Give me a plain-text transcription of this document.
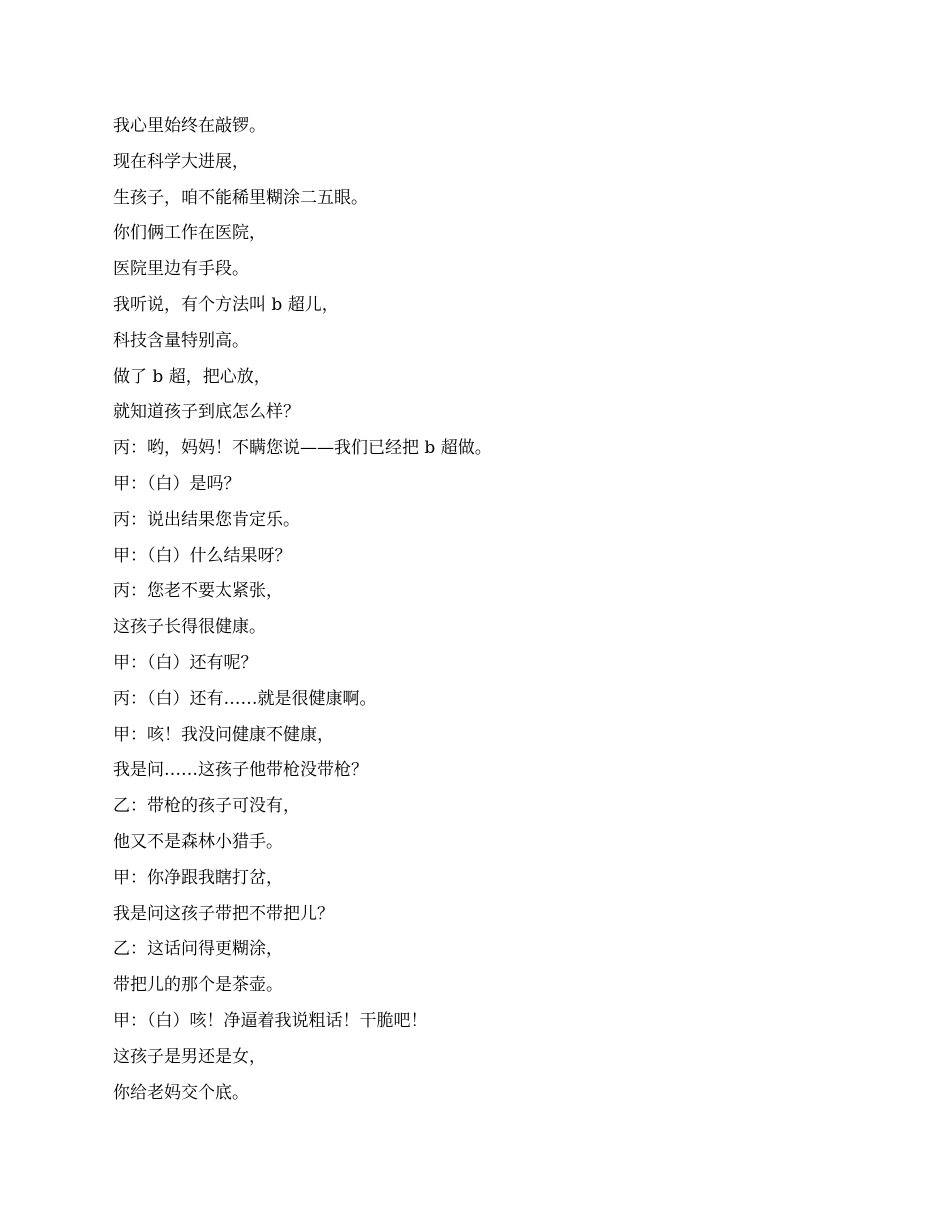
我心里始终在敲锣。

现在科学大进展，

生孩子，咱不能稀里糊涂二五眼。

你们俩工作在医院，

医院里边有手段。

我听说，有个方法叫 b 超儿，

科技含量特别高。

做了 b 超，把心放，

就知道孩子到底怎么样？

丙：哟，妈妈！不瞒您说——我们已经把 b 超做。

甲：（白）是吗？

丙：说出结果您肯定乐。

甲：（白）什么结果呀？

丙：您老不要太紧张，

这孩子长得很健康。

甲：（白）还有呢？

丙：（白）还有……就是很健康啊。

甲：咳！我没问健康不健康，

我是问……这孩子他带枪没带枪？

乙：带枪的孩子可没有，

他又不是森林小猎手。

甲：你净跟我瞎打岔，

我是问这孩子带把不带把儿？

乙：这话问得更糊涂，

带把儿的那个是茶壶。

甲：（白）咳！净逼着我说粗话！干脆吧！

这孩子是男还是女，

你给老妈交个底。
